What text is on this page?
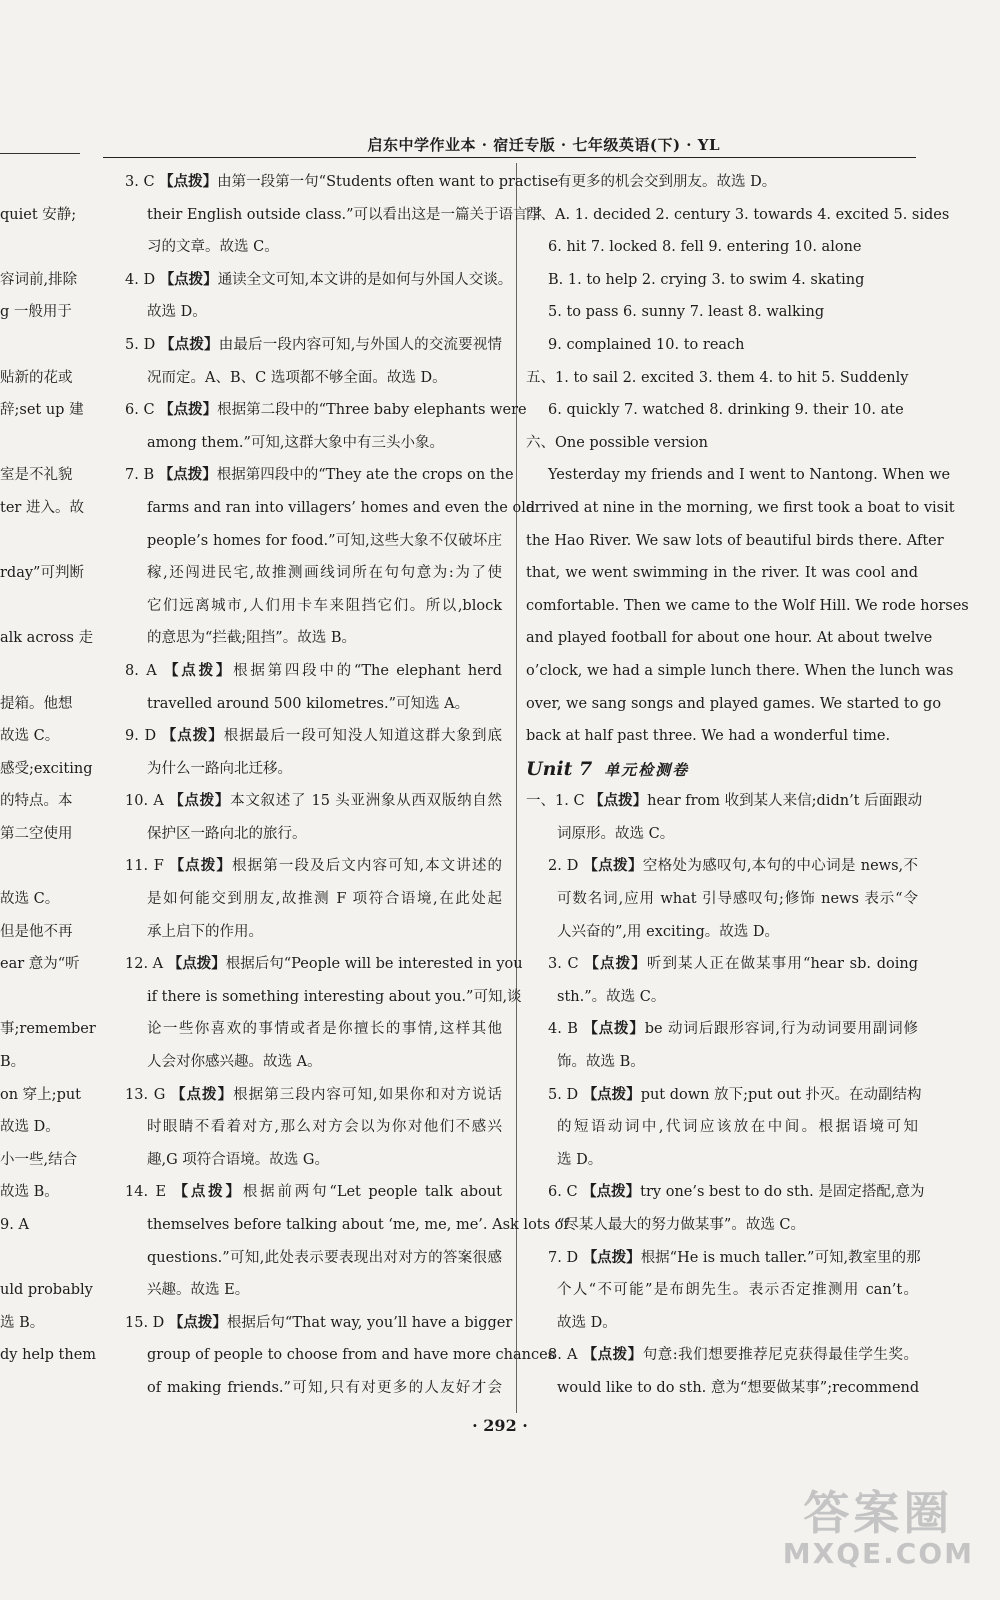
启东中学作业本 · 宿迁专版 · 七年级英语(下) · YL
quiet 安静;
容词前,排除
g 一般用于
贴新的花或
辞;set up 建
室是不礼貌
ter 进入。故
rday”可判断
alk across 走
提箱。他想
故选 C。
感受;exciting
的特点。本
第二空使用
故选 C。
但是他不再
ear 意为“听
事;remember
B。
on 穿上;put
故选 D。
小一些,结合
故选 B。
9. A
uld probably
选 B。
dy help them
3. C 【点拨】由第一段第一句“Students often want to practise
their English outside class.”可以看出这是一篇关于语言学
习的文章。故选 C。
4. D 【点拨】通读全文可知,本文讲的是如何与外国人交谈。
故选 D。
5. D 【点拨】由最后一段内容可知,与外国人的交流要视情
况而定。A、B、C 选项都不够全面。故选 D。
6. C 【点拨】根据第二段中的“Three baby elephants were
among them.”可知,这群大象中有三头小象。
7. B 【点拨】根据第四段中的“They ate the crops on the
farms and ran into villagers’ homes and even the old
people’s homes for food.”可知,这些大象不仅破坏庄
稼,还闯进民宅,故推测画线词所在句句意为:为了使
它们远离城市,人们用卡车来阻挡它们。所以,block
的意思为“拦截;阻挡”。故选 B。
8. A 【点拨】根据第四段中的“The elephant herd
travelled around 500 kilometres.”可知选 A。
9. D 【点拨】根据最后一段可知没人知道这群大象到底
为什么一路向北迁移。
10. A 【点拨】本文叙述了 15 头亚洲象从西双版纳自然
保护区一路向北的旅行。
11. F 【点拨】根据第一段及后文内容可知,本文讲述的
是如何能交到朋友,故推测 F 项符合语境,在此处起
承上启下的作用。
12. A 【点拨】根据后句“People will be interested in you
if there is something interesting about you.”可知,谈
论一些你喜欢的事情或者是你擅长的事情,这样其他
人会对你感兴趣。故选 A。
13. G 【点拨】根据第三段内容可知,如果你和对方说话
时眼睛不看着对方,那么对方会以为你对他们不感兴
趣,G 项符合语境。故选 G。
14. E 【点拨】根据前两句“Let people talk about
themselves before talking about ‘me, me, me’. Ask lots of
questions.”可知,此处表示要表现出对对方的答案很感
兴趣。故选 E。
15. D 【点拨】根据后句“That way, you’ll have a bigger
group of people to choose from and have more chances
of making friends.”可知,只有对更多的人友好才会
有更多的机会交到朋友。故选 D。
四、A. 1. decided 2. century 3. towards 4. excited 5. sides
6. hit 7. locked 8. fell 9. entering 10. alone
B. 1. to help 2. crying 3. to swim 4. skating
5. to pass 6. sunny 7. least 8. walking
9. complained 10. to reach
五、1. to sail 2. excited 3. them 4. to hit 5. Suddenly
6. quickly 7. watched 8. drinking 9. their 10. ate
六、One possible version
Yesterday my friends and I went to Nantong. When we
arrived at nine in the morning, we first took a boat to visit
the Hao River. We saw lots of beautiful birds there. After
that, we went swimming in the river. It was cool and
comfortable. Then we came to the Wolf Hill. We rode horses
and played football for about one hour. At about twelve
o’clock, we had a simple lunch there. When the lunch was
over, we sang songs and played games. We started to go
back at half past three. We had a wonderful time.
Unit 7 单元检测卷
一、1. C 【点拨】hear from 收到某人来信;didn’t 后面跟动
词原形。故选 C。
2. D 【点拨】空格处为感叹句,本句的中心词是 news,不
可数名词,应用 what 引导感叹句;修饰 news 表示“令
人兴奋的”,用 exciting。故选 D。
3. C 【点拨】听到某人正在做某事用“hear sb. doing
sth.”。故选 C。
4. B 【点拨】be 动词后跟形容词,行为动词要用副词修
饰。故选 B。
5. D 【点拨】put down 放下;put out 扑灭。在动副结构
的短语动词中,代词应该放在中间。根据语境可知
选 D。
6. C 【点拨】try one’s best to do sth. 是固定搭配,意为
“尽某人最大的努力做某事”。故选 C。
7. D 【点拨】根据“He is much taller.”可知,教室里的那
个人“不可能”是布朗先生。表示否定推测用 can’t。
故选 D。
8. A 【点拨】句意:我们想要推荐尼克获得最佳学生奖。
would like to do sth. 意为“想要做某事”;recommend
· 292 ·
答案圈
MXQE.COM
